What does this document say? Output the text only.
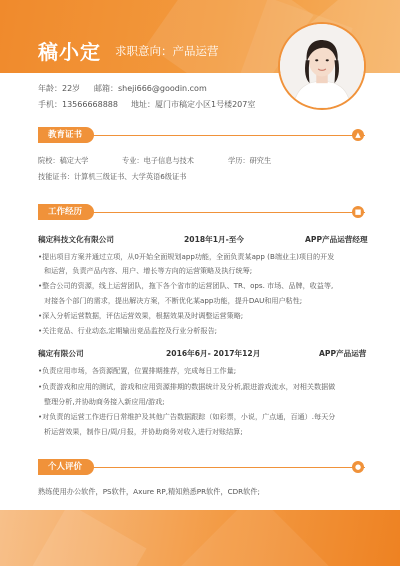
稿小定 求职意向：产品运营
年龄：22岁 邮箱：sheji666@goodin.com
手机：13566668888 地址：厦门市稿定小区1号楼207室
教育证书	▲
院校：稿定大学	专业：电子信息与技术	学历：研究生
技能证书：计算机三级证书、大学英语6级证书
工作经历	■
稿定科技文化有限公司	2018年1月-至今	APP产品运营经理
•提出项目方案并通过立项，从0开始全面规划app功能，全面负责某app (B端业主)项目的开发
和运营，负责产品内容、用户、增长等方向的运营策略及执行统筹;
•整合公司的资源，线上运营团队，拖下各个省市的运营团队、TR、ops. 市场、品牌，收益等,
对接各个部门的需求，提出解决方案，不断优化某app功能，提升DAU和用户粘性;
•深入分析运营数据，评估运营效果，根据效果及时调整运营策略;
•关注竞品、行业动态,定期输出竞品监控及行业分析报告;
稿定有限公司	2016年6月- 2017年12月	APP产品运营
•负责应用市场，各资源配置，位置排期推荐，完成每日工作量;
•负责游戏和应用的测试，游戏和应用资源排期的数据统计及分析,跟进游戏流水，对相关数据做
整理分析,并协助商务接入新应用/游戏;
•对负责的运营工作进行日常维护及其他广告数据跟踪（如彩票，小说，广点通，百通）.每天分
析运营效果，制作日/周/月报，并协助商务对收入进行对账结算;
个人评价	●
熟练使用办公软件，PS软件，Axure RP,精知熟悉PR软件，CDR软件;
